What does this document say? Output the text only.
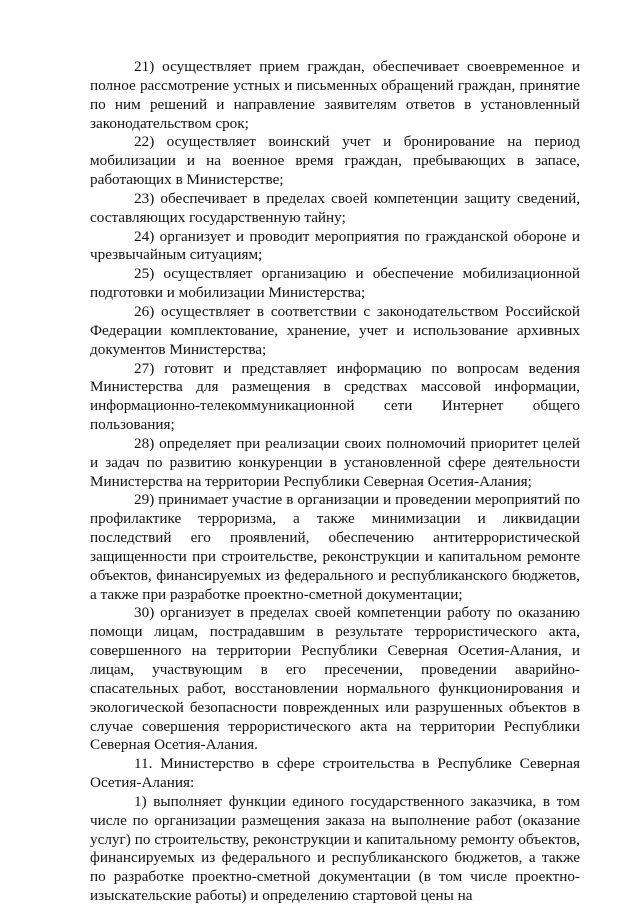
21) осуществляет прием граждан, обеспечивает своевременное и полное рассмотрение устных и письменных обращений граждан, принятие по ним решений и направление заявителям ответов в установленный законодательством срок;

22) осуществляет воинский учет и бронирование на период мобилизации и на военное время граждан, пребывающих в запасе, работающих в Министерстве;

23) обеспечивает в пределах своей компетенции защиту сведений, составляющих государственную тайну;

24) организует и проводит мероприятия по гражданской обороне и чрезвычайным ситуациям;

25) осуществляет организацию и обеспечение мобилизационной подготовки и мобилизации Министерства;

26) осуществляет в соответствии с законодательством Российской Федерации комплектование, хранение, учет и использование архивных документов Министерства;

27) готовит и представляет информацию по вопросам ведения Министерства для размещения в средствах массовой информации, информационно-телекоммуникационной сети Интернет общего пользования;

28) определяет при реализации своих полномочий приоритет целей и задач по развитию конкуренции в установленной сфере деятельности Министерства на территории Республики Северная Осетия-Алания;

29) принимает участие в организации и проведении мероприятий по профилактике терроризма, а также минимизации и ликвидации последствий его проявлений, обеспечению антитеррористической защищенности при строительстве, реконструкции и капитальном ремонте объектов, финансируемых из федерального и республиканского бюджетов, а также при разработке проектно-сметной документации;

30) организует в пределах своей компетенции работу по оказанию помощи лицам, пострадавшим в результате террористического акта, совершенного на территории Республики Северная Осетия-Алания, и лицам, участвующим в его пресечении, проведении аварийно-спасательных работ, восстановлении нормального функционирования и экологической безопасности поврежденных или разрушенных объектов в случае совершения террористического акта на территории Республики Северная Осетия-Алания.

11. Министерство в сфере строительства в Республике Северная Осетия-Алания:

1) выполняет функции единого государственного заказчика, в том числе по организации размещения заказа на выполнение работ (оказание услуг) по строительству, реконструкции и капитальному ремонту объектов, финансируемых из федерального и республиканского бюджетов, а также по разработке проектно-сметной документации (в том числе проектно-изыскательские работы) и определению стартовой цены на
